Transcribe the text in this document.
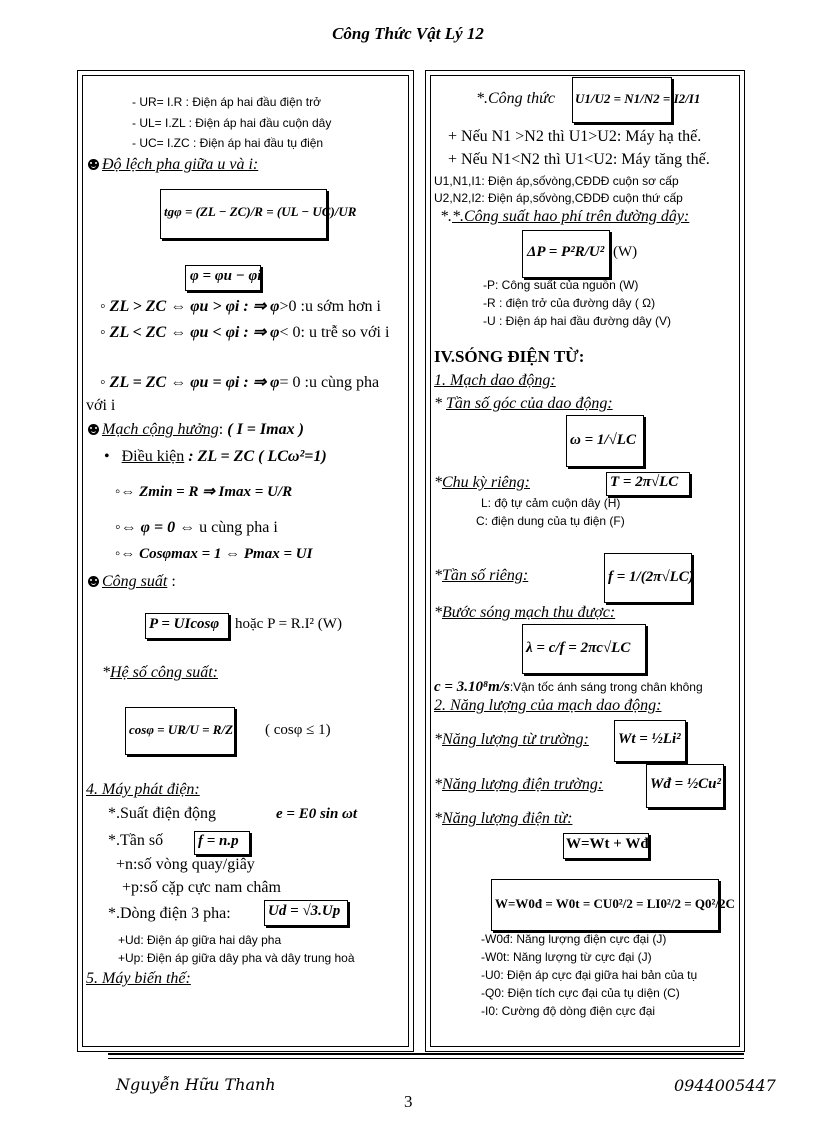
Công Thức Vật Lý 12
- UR= I.R : Điện áp hai đầu điện trở
- UL= I.ZL : Điện áp hai đầu cuộn dây
- UC= I.ZC : Điện áp hai đầu tụ điện
Độ lệch pha giữa u và i:
tgφ = (ZL − ZC)/R = (UL − UC)/UR
φ = φu − φi
◦ ZL > ZC ⇔ φu > φi : ⇒ φ>0 :u sớm hơn i
◦ ZL < ZC ⇔ φu < φi : ⇒ φ< 0: u trễ so với i
◦ ZL = ZC ⇔ φu = φi : ⇒ φ= 0 :u cùng pha
với i
Mạch cộng hưởng: ( I = Imax )
•   Điều kiện : ZL = ZC ( LCω²=1)
◦⇔ Zmin = R ⇒ Imax = U/R
◦⇔ φ = 0 ⇔ u cùng pha i
◦⇔ Cosφmax = 1 ⇔ Pmax = UI
Công suất :
P = UIcosφ hoặc P = R.I² (W)
*Hệ số công suất:
cosφ = UR/U = R/Z ( cosφ ≤ 1)
4. Máy phát điện:
*.Suất điện động	e = E0 sin ωt
*.Tần số f = n.p
+n:số vòng quay/giây
+p:số cặp cực nam châm
*.Dòng điện 3 pha: Ud = √3.Up
+Ud: Điện áp giữa hai dây pha
+Up: Điện áp giữa dây pha và dây trung hoà
5. Máy biến thế:
*.Công thức U1/U2 = N1/N2 = I2/I1
+ Nếu N1 >N2 thì U1>U2: Máy hạ thế.
+ Nếu N1<N2 thì U1<U2: Máy tăng thế.
U1,N1,I1: Điện áp,sốvòng,CĐDĐ cuộn sơ cấp
U2,N2,I2: Điện áp,sốvòng,CĐDĐ cuộn thứ cấp
*.*.Công suất hao phí trên đường dây:
ΔP = P²R/U² (W)
-P: Công suất của nguồn (W)
-R : điện trở của đường dây ( Ω)
-U : Điện áp hai đầu đường dây (V)
IV.SÓNG ĐIỆN TỪ:
1. Mạch dao động:
* Tần số góc của dao động:
ω = 1/√LC
*Chu kỳ riêng:	T = 2π√LC
L: độ tự cảm cuộn dây (H)
C: điện dung của tụ điện (F)
*Tần số riêng:	f = 1/(2π√LC)
*Bước sóng mạch thu được:
λ = c/f = 2πc√LC
c = 3.10⁸m/s:Vận tốc ánh sáng trong chân không
2. Năng lượng của mạch dao động:
*Năng lượng từ trường: Wt = ½Li²
*Năng lượng điện trường:	Wđ = ½Cu²
*Năng lượng điện từ:
W=Wt + Wđ
W=W0đ = W0t = CU0²/2 = LI0²/2 = Q0²/2C
-W0đ: Năng lượng điện cực đại (J)
-W0t: Năng lượng từ cực đại (J)
-U0: Điện áp cực đại giữa hai bản của tụ
-Q0: Điện tích cực đại của tụ diện (C)
-I0: Cường độ dòng điện cực đại
Nguyễn Hữu Thanh
3
0944005447
